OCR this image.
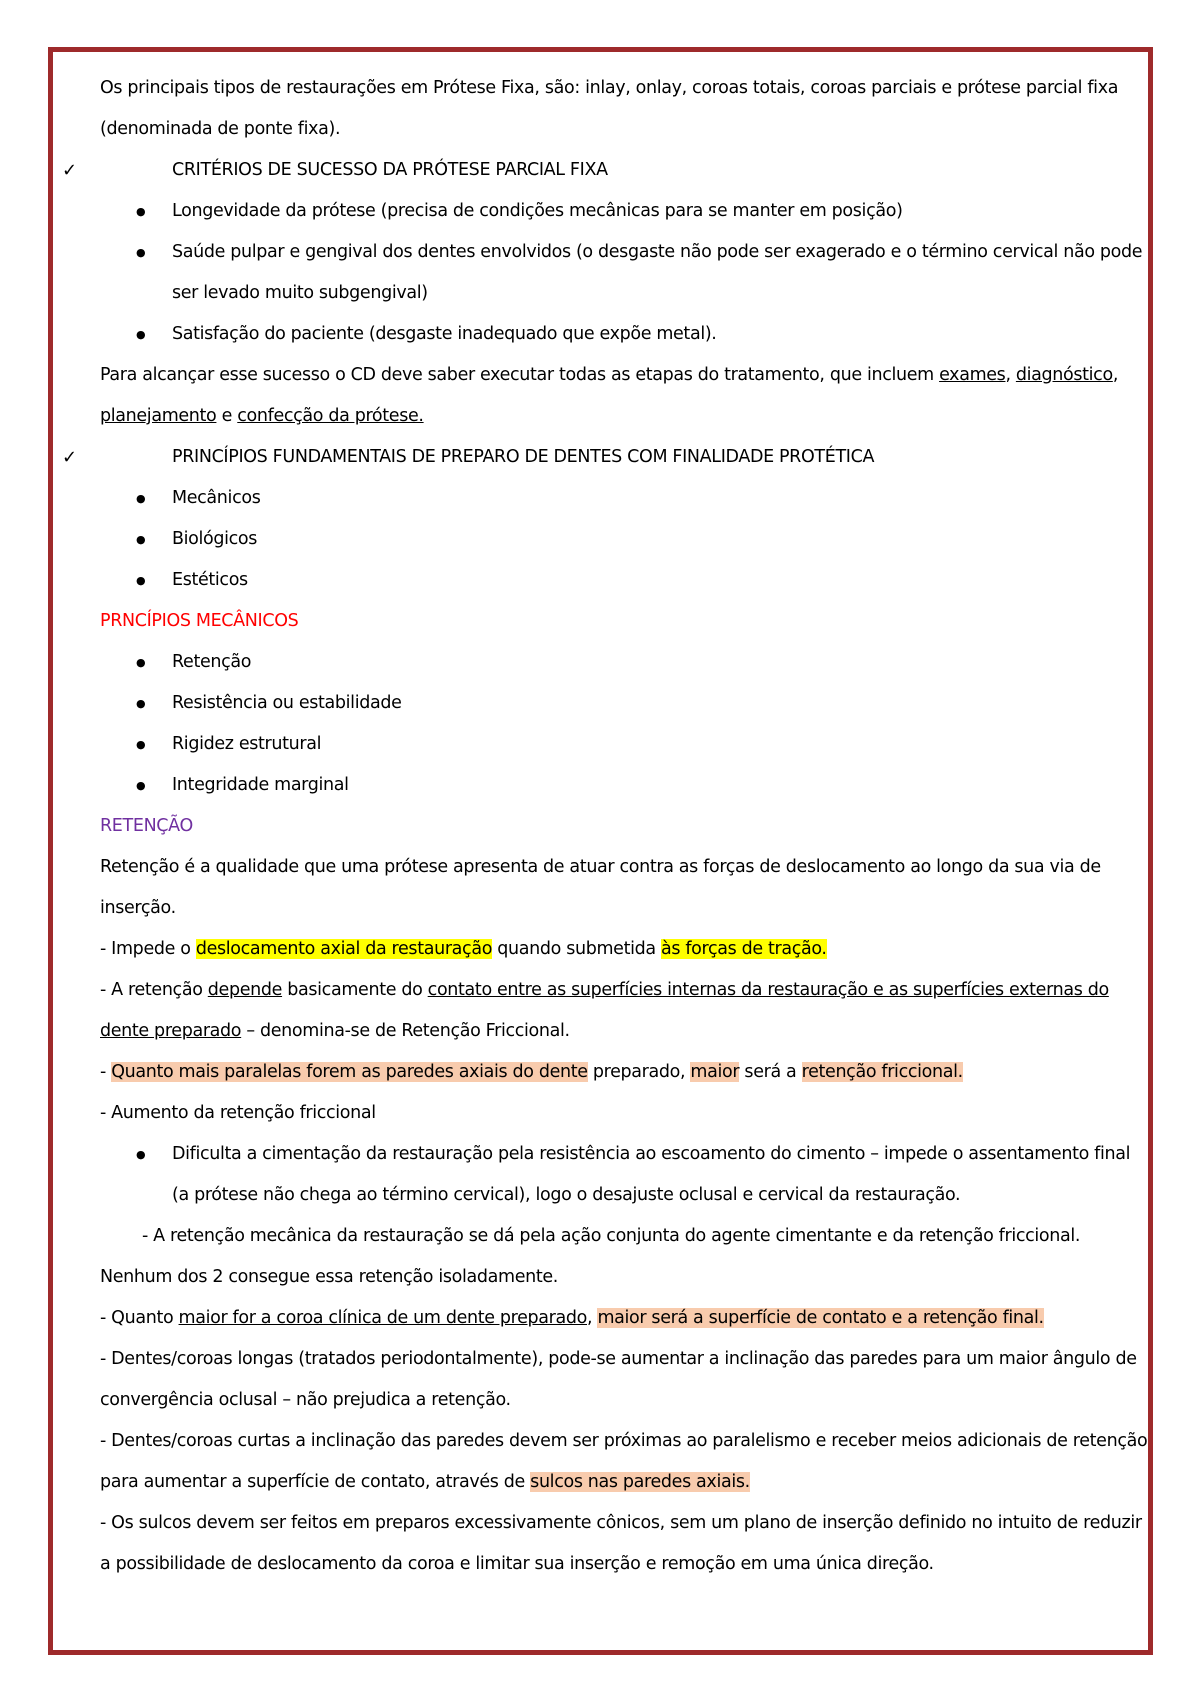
Os principais tipos de restaurações em Prótese Fixa, são: inlay, onlay, coroas totais, coroas parciais e prótese parcial fixa (denominada de ponte fixa).

✓ CRITÉRIOS DE SUCESSO DA PRÓTESE PARCIAL FIXA

● Longevidade da prótese (precisa de condições mecânicas para se manter em posição)
● Saúde pulpar e gengival dos dentes envolvidos (o desgaste não pode ser exagerado e o término cervical não pode ser levado muito subgengival)
● Satisfação do paciente (desgaste inadequado que expõe metal).

Para alcançar esse sucesso o CD deve saber executar todas as etapas do tratamento, que incluem exames, diagnóstico, planejamento e confecção da prótese.

✓ PRINCÍPIOS FUNDAMENTAIS DE PREPARO DE DENTES COM FINALIDADE PROTÉTICA

● Mecânicos
● Biológicos
● Estéticos

PRNCÍPIOS MECÂNICOS

● Retenção
● Resistência ou estabilidade
● Rigidez estrutural
● Integridade marginal

RETENÇÃO

Retenção é a qualidade que uma prótese apresenta de atuar contra as forças de deslocamento ao longo da sua via de inserção.

- Impede o deslocamento axial da restauração quando submetida às forças de tração.

- A retenção depende basicamente do contato entre as superfícies internas da restauração e as superfícies externas do dente preparado – denomina-se de Retenção Friccional.

- Quanto mais paralelas forem as paredes axiais do dente preparado, maior será a retenção friccional.

- Aumento da retenção friccional

● Dificulta a cimentação da restauração pela resistência ao escoamento do cimento – impede o assentamento final (a prótese não chega ao término cervical), logo o desajuste oclusal e cervical da restauração.

- A retenção mecânica da restauração se dá pela ação conjunta do agente cimentante e da retenção friccional.

Nenhum dos 2 consegue essa retenção isoladamente.

- Quanto maior for a coroa clínica de um dente preparado, maior será a superfície de contato e a retenção final.

- Dentes/coroas longas (tratados periodontalmente), pode-se aumentar a inclinação das paredes para um maior ângulo de convergência oclusal – não prejudica a retenção.

- Dentes/coroas curtas a inclinação das paredes devem ser próximas ao paralelismo e receber meios adicionais de retenção para aumentar a superfície de contato, através de sulcos nas paredes axiais.

- Os sulcos devem ser feitos em preparos excessivamente cônicos, sem um plano de inserção definido no intuito de reduzir a possibilidade de deslocamento da coroa e limitar sua inserção e remoção em uma única direção.
